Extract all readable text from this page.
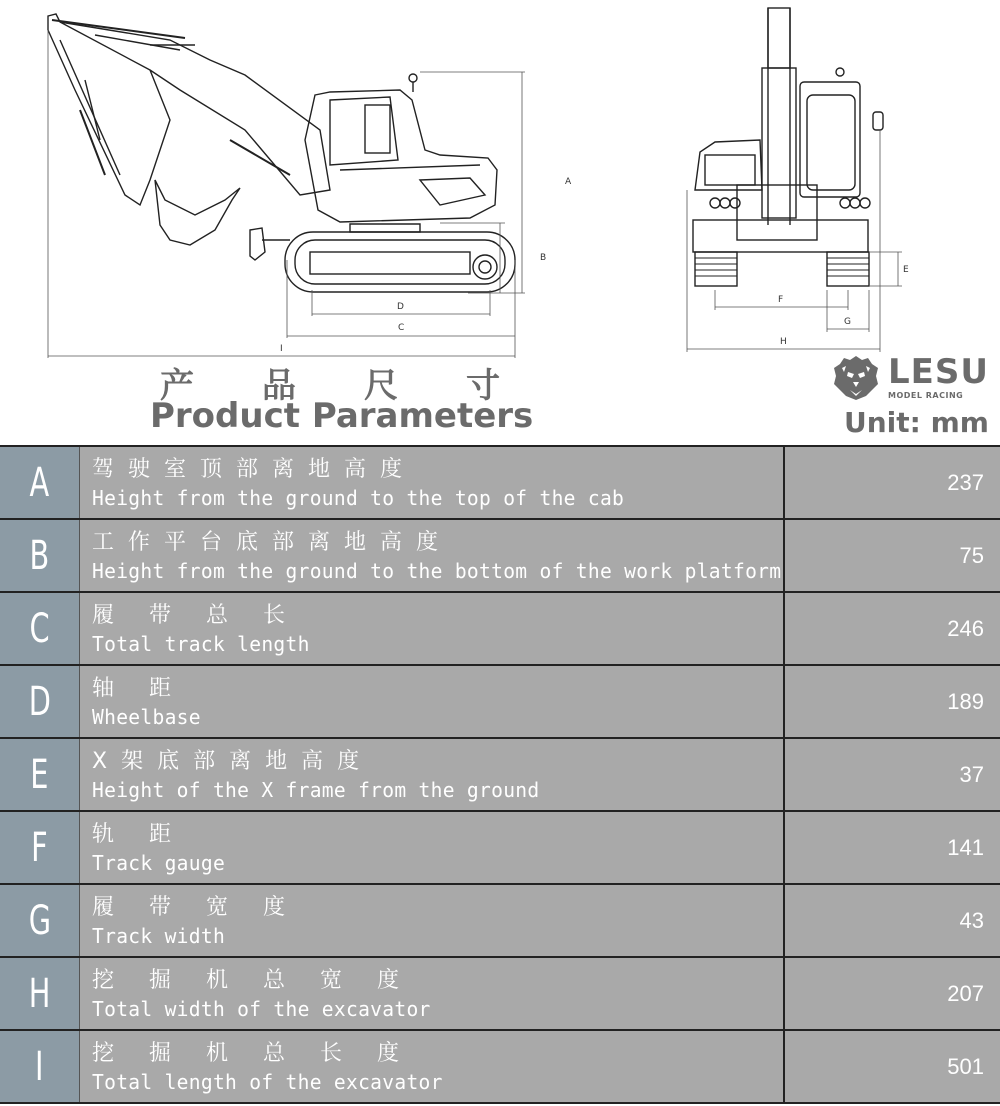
A
B
C
D
I
E
F
G
H
产 品 尺 寸
Product Parameters
LESU
MODEL RACING
Unit: mm
A 驾驶室顶部离地高度
Height from the ground to the top of the cab
237
B 工作平台底部离地高度
Height from the ground to the bottom of the work platform
75
C 履 带 总 长
Total track length
246
D 轴 距
Wheelbase
189
E X架底部离地高度
Height of the X frame from the ground
37
F 轨 距
Track gauge
141
G 履 带 宽 度
Track width
43
H 挖 掘 机 总 宽 度
Total width of the excavator
207
I 挖 掘 机 总 长 度
Total length of the excavator
501
